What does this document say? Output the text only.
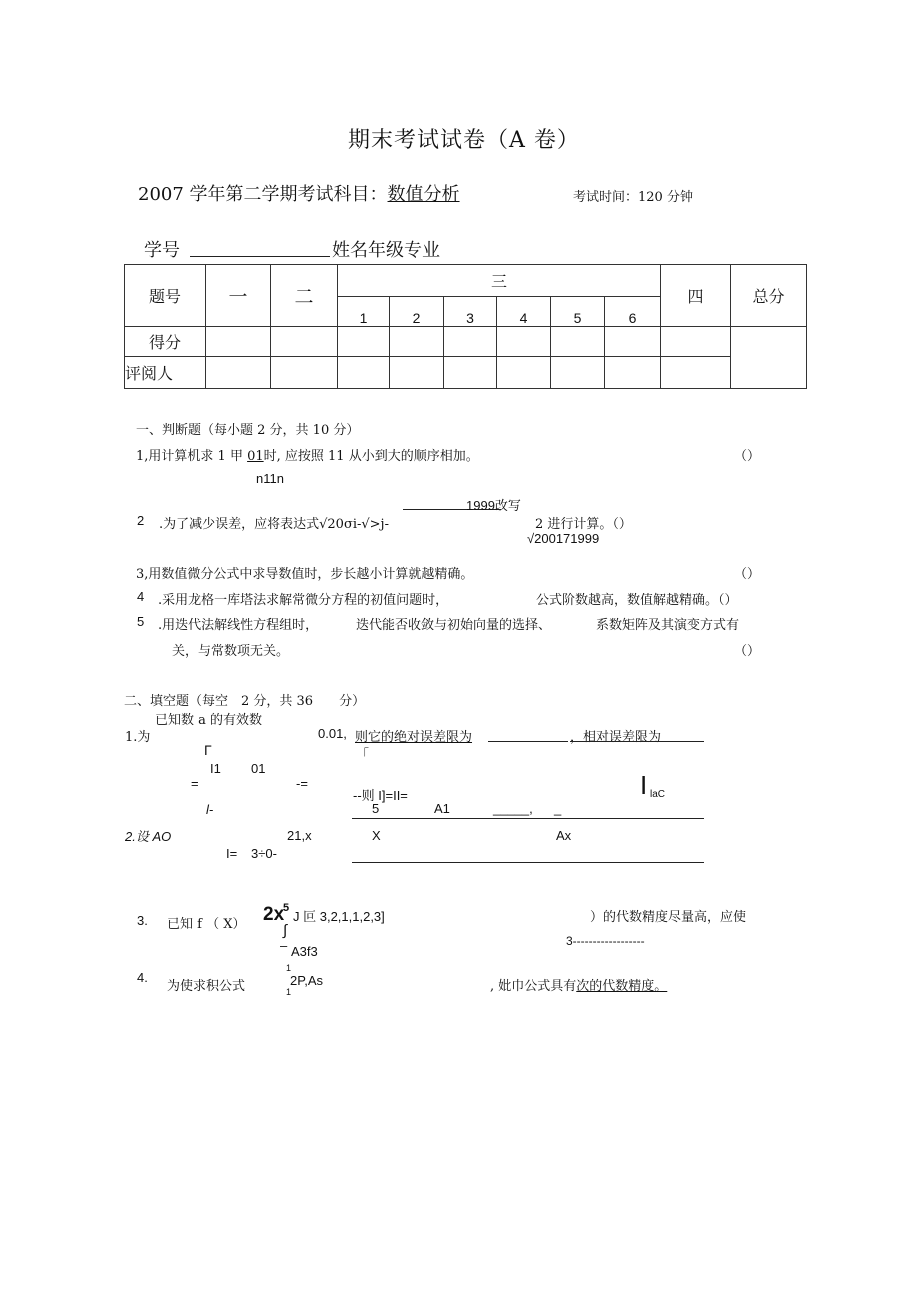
期末考试试卷（A 卷）
2007 学年第二学期考试科目：数值分析	考试时间：120 分钟
学号	姓名年级专业
题号	一	二	三						四	总分
			1	2	3	4	5	6		
得分										
评阅人										
一、判断题（每小题 2 分，共 10 分）
1,用计算机求 1 甲 01时, 应按照 11 从小到大的顺序相加。	（）
n11n
1999改写
2 .为了减少误差，应将表达式√20σi-√>j-	2 进行计算。（）
√200171999
3,用数值微分公式中求导数值时，步长越小计算就越精确。	（）
4 .采用龙格一库塔法求解常微分方程的初值问题时，	公式阶数越高，数值解越精确。（）
5 .用迭代法解线性方程组时，	迭代能否收敛与初始向量的选择、	系数矩阵及其演变方式有
关，与常数项无关。	（）
二、填空题（每空　2 分，共 36　　分）
已知数 a 的有效数
1.为	0.01, 则它的绝对误差限为	，相对误差限为
Γ	「
I1 01
=	-=
--则 I]=II=	I lаC
l-	5	A1	_____, _
2.设 AO	21,x	X	Ax
I= 3÷0-
3. 已知 f （ X） 2x
5
J 叵 3,2,1,1,2,3]	）的代数精度尽量高，应使
∫
–	3------------------
A3f3
4.
为使求积公式
1
2P,As
1	, 妣巾公式具有次的代数精度。
